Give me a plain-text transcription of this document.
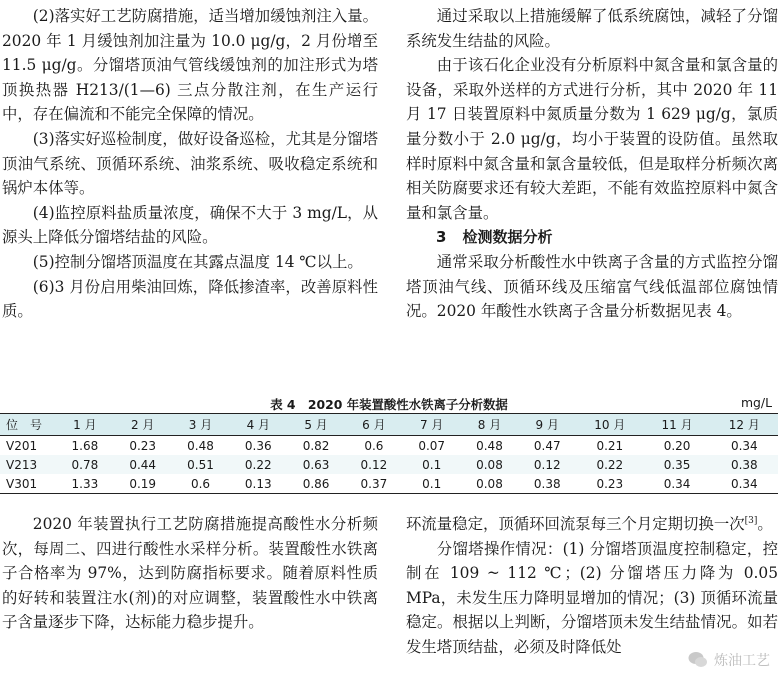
(2)落实好工艺防腐措施，适当增加缓蚀剂注入量。2020 年 1 月缓蚀剂加注量为 10.0 μg/g，2 月份增至 11.5 μg/g。分馏塔顶油气管线缓蚀剂的加注形式为塔顶换热器 H213/(1—6) 三点分散注剂，在生产运行中，存在偏流和不能完全保障的情况。

(3)落实好巡检制度，做好设备巡检，尤其是分馏塔顶油气系统、顶循环系统、油浆系统、吸收稳定系统和锅炉本体等。

(4)监控原料盐质量浓度，确保不大于 3 mg/L，从源头上降低分馏塔结盐的风险。

(5)控制分馏塔顶温度在其露点温度 14 ℃以上。

(6)3 月份启用柴油回炼，降低掺渣率，改善原料性质。

通过采取以上措施缓解了低系统腐蚀，减轻了分馏系统发生结盐的风险。

由于该石化企业没有分析原料中氮含量和氯含量的设备，采取外送样的方式进行分析，其中 2020 年 11 月 17 日装置原料中氮质量分数为 1 629 μg/g，氯质量分数小于 2.0 μg/g，均小于装置的设防值。虽然取样时原料中氮含量和氯含量较低，但是取样分析频次离相关防腐要求还有较大差距，不能有效监控原料中氮含量和氯含量。

3 检测数据分析

通常采取分析酸性水中铁离子含量的方式监控分馏塔顶油气线、顶循环线及压缩富气线低温部位腐蚀情况。2020 年酸性水铁离子含量分析数据见表 4。

表 4　2020 年装置酸性水铁离子分析数据	mg/L
位　号	1 月	2 月	3 月	4 月	5 月	6 月	7 月	8 月	9 月	10 月	11 月	12 月
V201	1.68	0.23	0.48	0.36	0.82	0.6	0.07	0.48	0.47	0.21	0.20	0.34
V213	0.78	0.44	0.51	0.22	0.63	0.12	0.1	0.08	0.12	0.22	0.35	0.38
V301	1.33	0.19	0.6	0.13	0.86	0.37	0.1	0.08	0.38	0.23	0.34	0.34

2020 年装置执行工艺防腐措施提高酸性水分析频次，每周二、四进行酸性水采样分析。装置酸性水铁离子合格率为 97%，达到防腐指标要求。随着原料性质的好转和装置注水(剂)的对应调整，装置酸性水中铁离子含量逐步下降，达标能力稳步提升。

环流量稳定，顶循环回流泵每三个月定期切换一次[3]。

分馏塔操作情况：(1) 分馏塔顶温度控制稳定，控制在 109 ~ 112 ℃；(2) 分馏塔压力降为 0.05 MPa，未发生压力降明显增加的情况；(3) 顶循环流量稳定。根据以上判断，分馏塔顶未发生结盐情况。如若发生塔顶结盐，必须及时降低处

炼油工艺
